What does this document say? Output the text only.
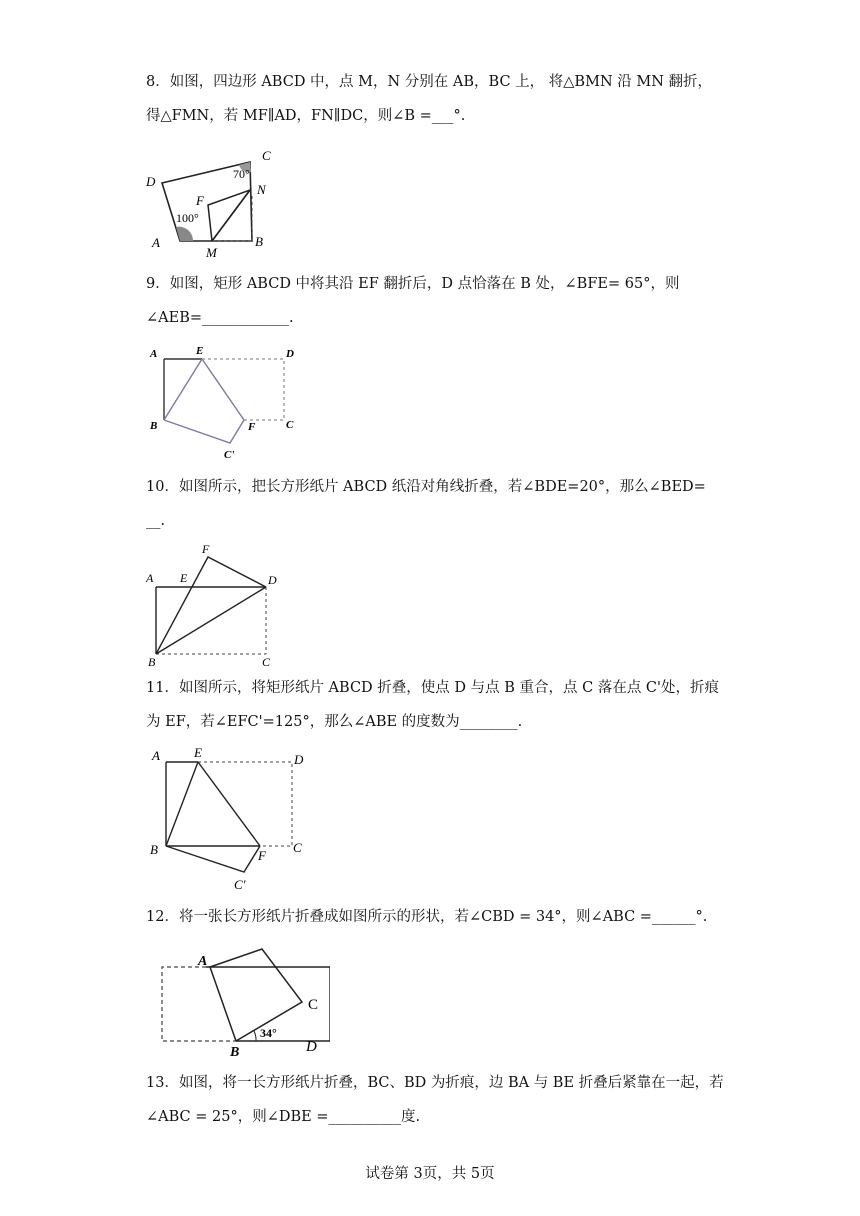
8．如图，四边形 ABCD 中，点 M，N 分别在 AB，BC 上， 将△BMN 沿 MN 翻折，
得△FMN，若 MF∥AD，FN∥DC，则∠B =___°.
D
C
70°
N
F
100°
A
M
B
9．如图，矩形 ABCD 中将其沿 EF 翻折后，D 点恰落在 B 处，∠BFE= 65°，则
∠AEB=____________.
A	E	D
B	F	C
C'
10．如图所示，把长方形纸片 ABCD 纸沿对角线折叠，若∠BDE=20°，那么∠BED=
__.
F
A E	D
B	C
11．如图所示，将矩形纸片 ABCD 折叠，使点 D 与点 B 重合，点 C 落在点 C'处，折痕
为 EF，若∠EFC'=125°，那么∠ABE 的度数为________.
A	E	D
B	F
C
C'
12．将一张长方形纸片折叠成如图所示的形状，若∠CBD = 34°，则∠ABC =______°.
A
C
34°
B	D
13．如图，将一长方形纸片折叠，BC、BD 为折痕，边 BA 与 BE 折叠后紧靠在一起，若
∠ABC = 25°，则∠DBE =__________度.
试卷第 3页，共 5页
